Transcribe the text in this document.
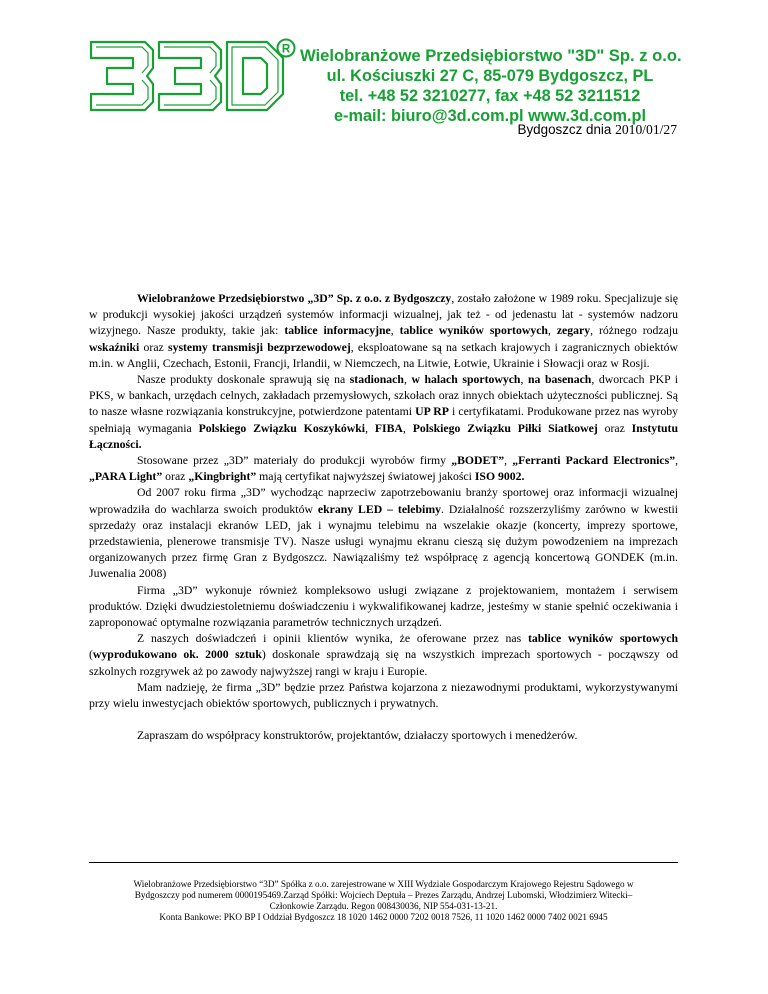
R Wielobranżowe Przedsiębiorstwo "3D" Sp. z o.o.
ul. Kościuszki 27 C, 85-079 Bydgoszcz, PL
tel. +48 52 3210277, fax +48 52 3211512
e-mail: biuro@3d.com.pl www.3d.com.pl
Bydgoszcz dnia 2010/01/27

Wielobranżowe Przedsiębiorstwo „3D” Sp. z o.o. z Bydgoszczy, zostało założone w 1989 roku. Specjalizuje się w produkcji wysokiej jakości urządzeń systemów informacji wizualnej, jak też - od jedenastu lat - systemów nadzoru wizyjnego. Nasze produkty, takie jak: tablice informacyjne, tablice wyników sportowych, zegary, różnego rodzaju wskaźniki oraz systemy transmisji bezprzewodowej, eksploatowane są na setkach krajowych i zagranicznych obiektów m.in. w Anglii, Czechach, Estonii, Francji, Irlandii, w Niemczech, na Litwie, Łotwie, Ukrainie i Słowacji oraz w Rosji.

Nasze produkty doskonale sprawują się na stadionach, w halach sportowych, na basenach, dworcach PKP i PKS, w bankach, urzędach celnych, zakładach przemysłowych, szkołach oraz innych obiektach użyteczności publicznej. Są to nasze własne rozwiązania konstrukcyjne, potwierdzone patentami UP RP i certyfikatami. Produkowane przez nas wyroby spełniają wymagania Polskiego Związku Koszykówki, FIBA, Polskiego Związku Piłki Siatkowej oraz Instytutu Łączności.

Stosowane przez „3D” materiały do produkcji wyrobów firmy „BODET”, „Ferranti Packard Electronics”, „PARA Light” oraz „Kingbright” mają certyfikat najwyższej światowej jakości ISO 9002.

Od 2007 roku firma „3D” wychodząc naprzeciw zapotrzebowaniu branży sportowej oraz informacji wizualnej wprowadziła do wachlarza swoich produktów ekrany LED – telebimy. Działalność rozszerzyliśmy zarówno w kwestii sprzedaży oraz instalacji ekranów LED, jak i wynajmu telebimu na wszelakie okazje (koncerty, imprezy sportowe, przedstawienia, plenerowe transmisje TV). Nasze usługi wynajmu ekranu cieszą się dużym powodzeniem na imprezach organizowanych przez firmę Gran z Bydgoszcz. Nawiązaliśmy też współpracę z agencją koncertową GONDEK (m.in. Juwenalia 2008)

Firma „3D” wykonuje również kompleksowo usługi związane z projektowaniem, montażem i serwisem produktów. Dzięki dwudziestoletniemu doświadczeniu i wykwalifikowanej kadrze, jesteśmy w stanie spełnić oczekiwania i zaproponować optymalne rozwiązania parametrów technicznych urządzeń.

Z naszych doświadczeń i opinii klientów wynika, że oferowane przez nas tablice wyników sportowych (wyprodukowano ok. 2000 sztuk) doskonale sprawdzają się na wszystkich imprezach sportowych - począwszy od szkolnych rozgrywek aż po zawody najwyższej rangi w kraju i Europie.

Mam nadzieję, że firma „3D” będzie przez Państwa kojarzona z niezawodnymi produktami, wykorzystywanymi przy wielu inwestycjach obiektów sportowych, publicznych i prywatnych.

Zapraszam do współpracy konstruktorów, projektantów, działaczy sportowych i menedżerów.

Wielobranżowe Przedsiębiorstwo “3D” Spółka z o.o. zarejestrowane w XIII Wydziale Gospodarczym Krajowego Rejestru Sądowego w
Bydgoszczy pod numerem 0000195469.Zarząd Spółki: Wojciech Deptuła – Prezes Zarządu, Andrzej Lubomski, Włodzimierz Witecki–
Członkowie Zarządu. Regon 008430036, NIP 554-031-13-21.
Konta Bankowe: PKO BP I Oddział Bydgoszcz 18 1020 1462 0000 7202 0018 7526, 11 1020 1462 0000 7402 0021 6945
